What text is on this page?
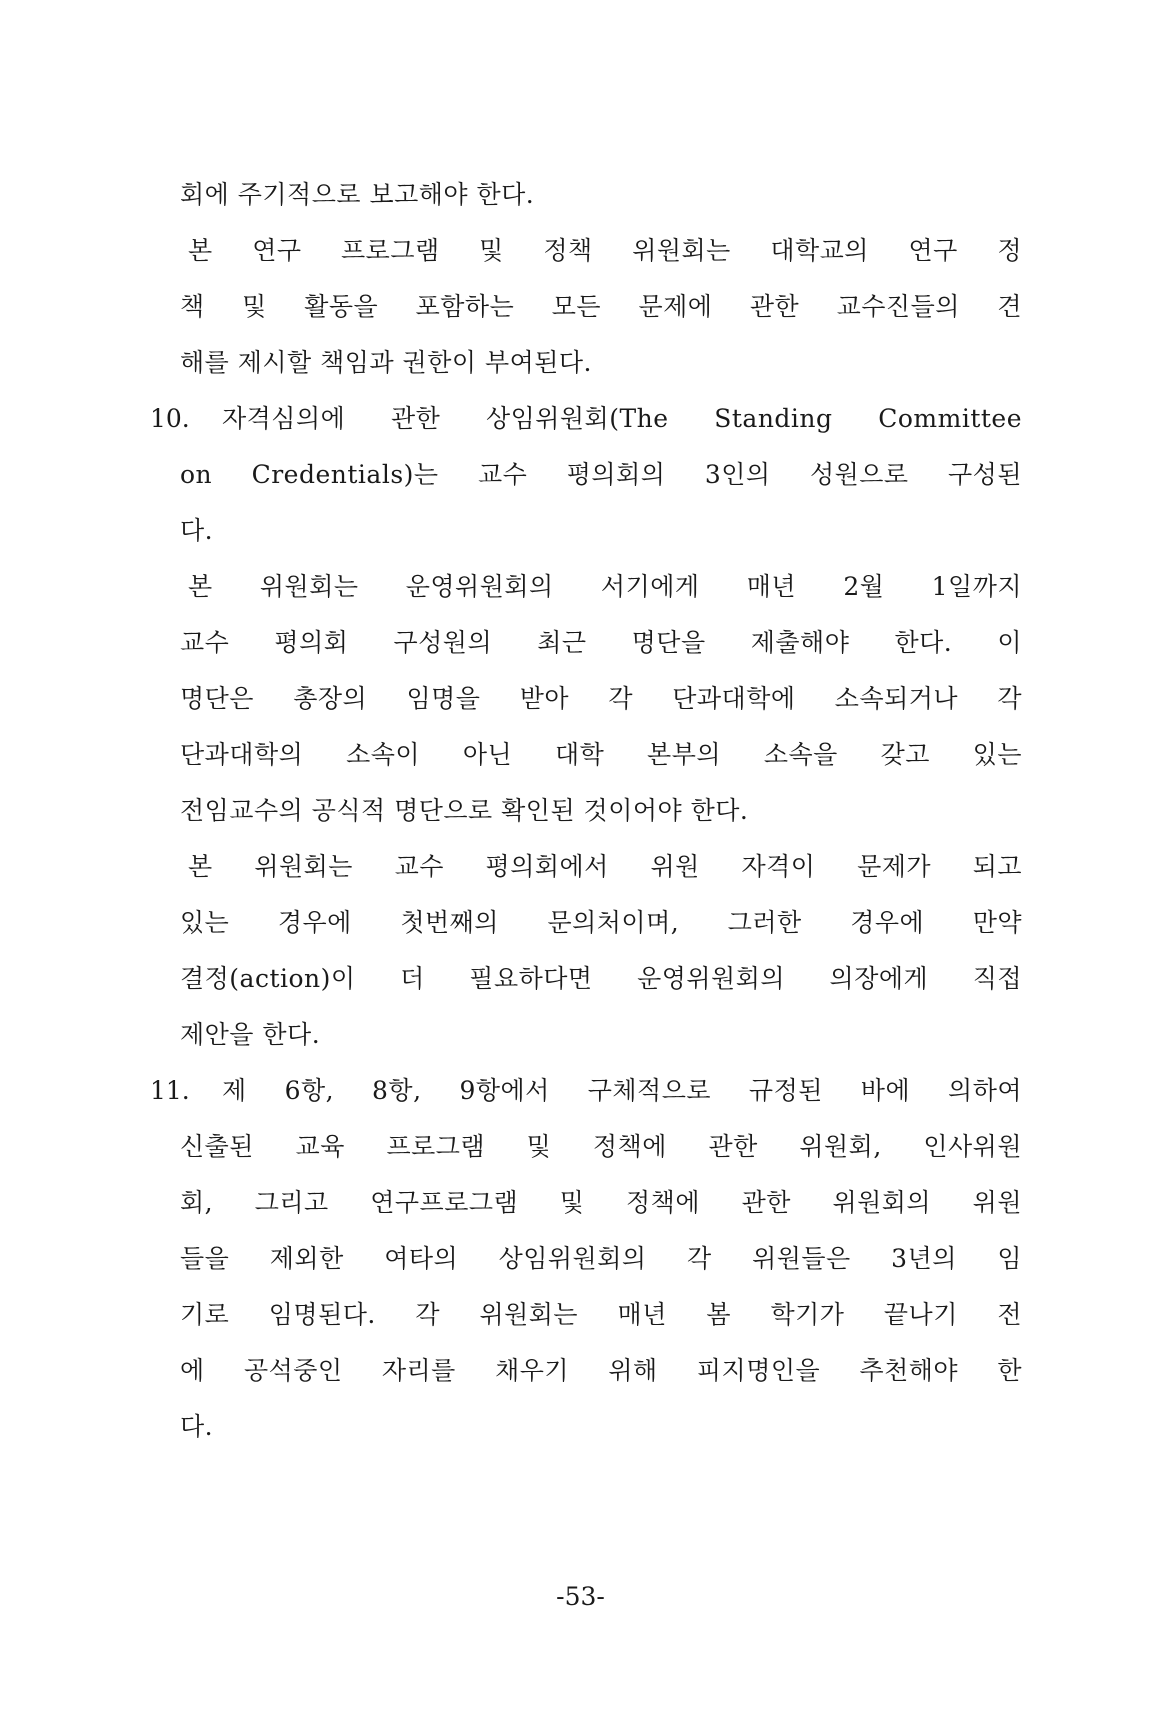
회에 주기적으로 보고해야 한다.
본 연구 프로그램 및 정책 위원회는 대학교의 연구 정
책 및 활동을 포함하는 모든 문제에 관한 교수진들의 견
해를 제시할 책임과 권한이 부여된다.
10. 자격심의에 관한 상임위원회(The Standing Committee
on Credentials)는 교수 평의회의 3인의 성원으로 구성된
다.
본 위원회는 운영위원회의 서기에게 매년 2월 1일까지
교수 평의회 구성원의 최근 명단을 제출해야 한다. 이
명단은 총장의 임명을 받아 각 단과대학에 소속되거나 각
단과대학의 소속이 아닌 대학 본부의 소속을 갖고 있는
전임교수의 공식적 명단으로 확인된 것이어야 한다.
본 위원회는 교수 평의회에서 위원 자격이 문제가 되고
있는 경우에 첫번째의 문의처이며, 그러한 경우에 만약
결정(action)이 더 필요하다면 운영위원회의 의장에게 직접
제안을 한다.
11. 제 6항, 8항, 9항에서 구체적으로 규정된 바에 의하여
신출된 교육 프로그램 및 정책에 관한 위원회, 인사위원
회, 그리고 연구프로그램 및 정책에 관한 위원회의 위원
들을 제외한 여타의 상임위원회의 각 위원들은 3년의 임
기로 임명된다. 각 위원회는 매년 봄 학기가 끝나기 전
에 공석중인 자리를 채우기 위해 피지명인을 추천해야 한
다.
-53-
